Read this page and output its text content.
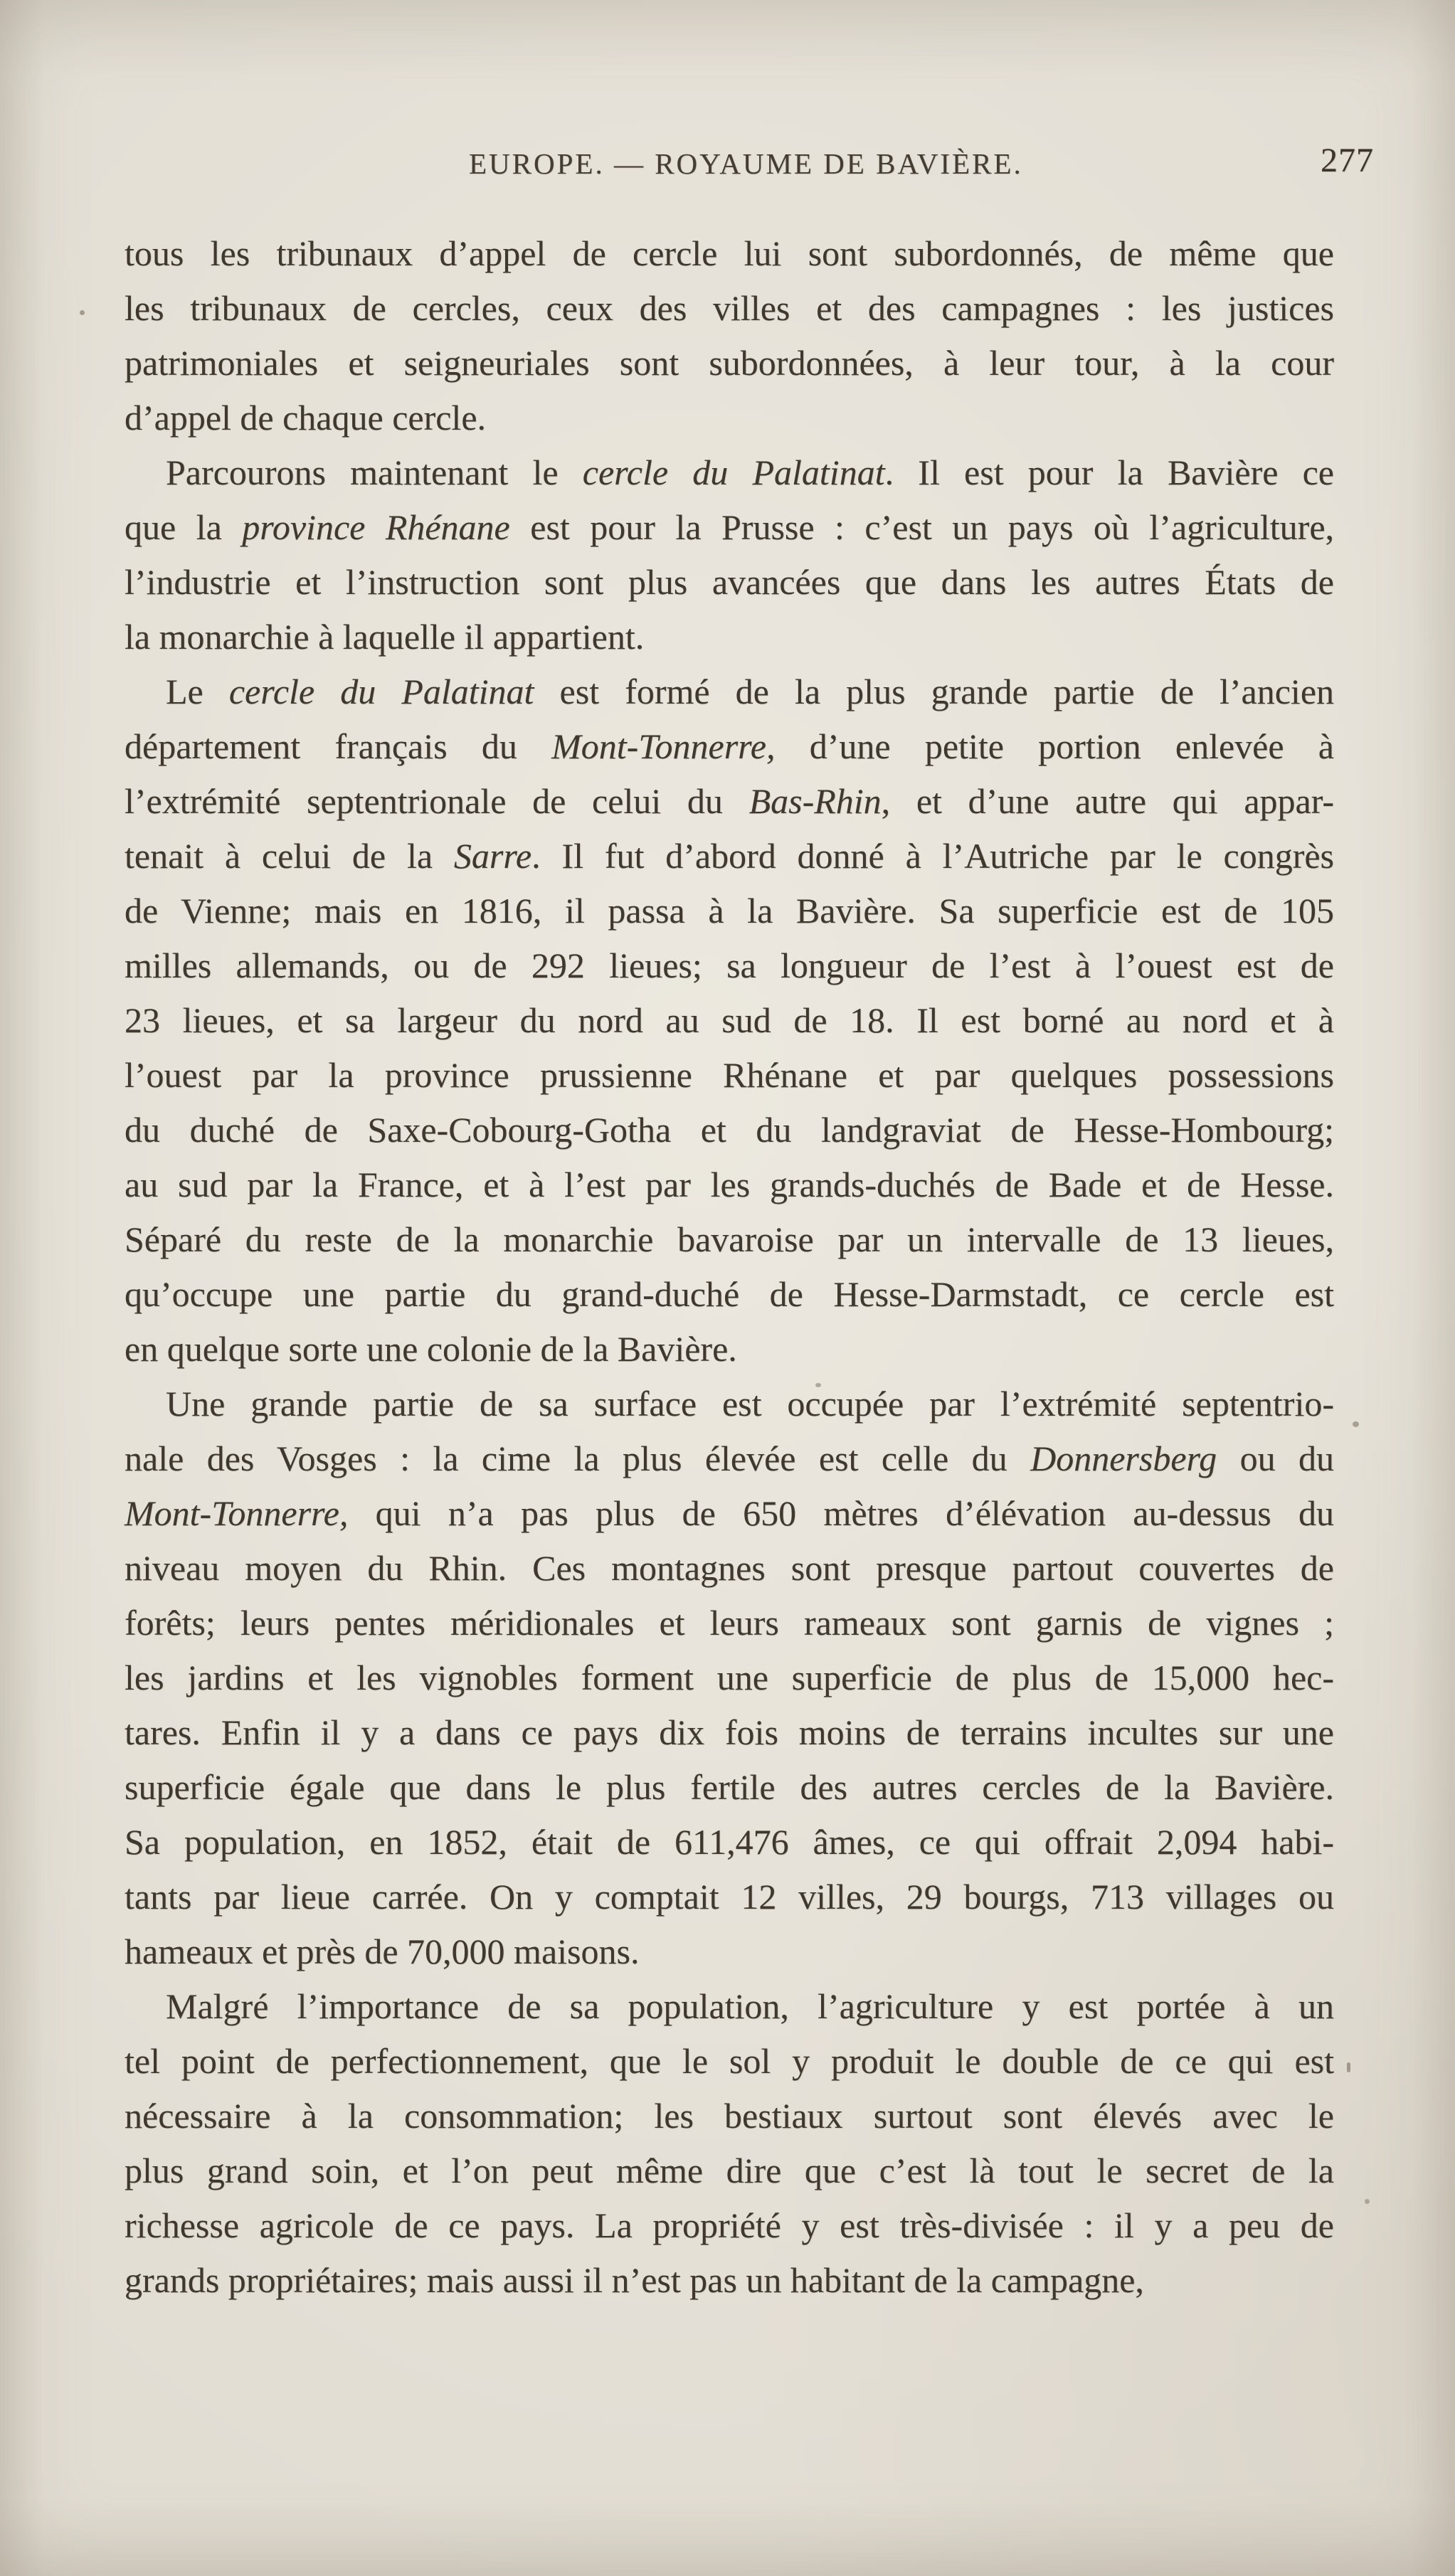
EUROPE. — ROYAUME DE BAVIÈRE.	277
tous les tribunaux d’appel de cercle lui sont subordonnés, de même que
les tribunaux de cercles, ceux des villes et des campagnes : les justices
patrimoniales et seigneuriales sont subordonnées, à leur tour, à la cour
d’appel de chaque cercle.
Parcourons maintenant le cercle du Palatinat. Il est pour la Bavière ce
que la province Rhénane est pour la Prusse : c’est un pays où l’agriculture,
l’industrie et l’instruction sont plus avancées que dans les autres États de
la monarchie à laquelle il appartient.
Le cercle du Palatinat est formé de la plus grande partie de l’ancien
département français du Mont-Tonnerre, d’une petite portion enlevée à
l’extrémité septentrionale de celui du Bas-Rhin, et d’une autre qui appar-
tenait à celui de la Sarre. Il fut d’abord donné à l’Autriche par le congrès
de Vienne; mais en 1816, il passa à la Bavière. Sa superficie est de 105
milles allemands, ou de 292 lieues; sa longueur de l’est à l’ouest est de
23 lieues, et sa largeur du nord au sud de 18. Il est borné au nord et à
l’ouest par la province prussienne Rhénane et par quelques possessions
du duché de Saxe-Cobourg-Gotha et du landgraviat de Hesse-Hombourg;
au sud par la France, et à l’est par les grands-duchés de Bade et de Hesse.
Séparé du reste de la monarchie bavaroise par un intervalle de 13 lieues,
qu’occupe une partie du grand-duché de Hesse-Darmstadt, ce cercle est
en quelque sorte une colonie de la Bavière.
Une grande partie de sa surface est occupée par l’extrémité septentrio-
nale des Vosges : la cime la plus élevée est celle du Donnersberg ou du
Mont-Tonnerre, qui n’a pas plus de 650 mètres d’élévation au-dessus du
niveau moyen du Rhin. Ces montagnes sont presque partout couvertes de
forêts; leurs pentes méridionales et leurs rameaux sont garnis de vignes ;
les jardins et les vignobles forment une superficie de plus de 15,000 hec-
tares. Enfin il y a dans ce pays dix fois moins de terrains incultes sur une
superficie égale que dans le plus fertile des autres cercles de la Bavière.
Sa population, en 1852, était de 611,476 âmes, ce qui offrait 2,094 habi-
tants par lieue carrée. On y comptait 12 villes, 29 bourgs, 713 villages ou
hameaux et près de 70,000 maisons.
Malgré l’importance de sa population, l’agriculture y est portée à un
tel point de perfectionnement, que le sol y produit le double de ce qui est
nécessaire à la consommation; les bestiaux surtout sont élevés avec le
plus grand soin, et l’on peut même dire que c’est là tout le secret de la
richesse agricole de ce pays. La propriété y est très-divisée : il y a peu de
grands propriétaires; mais aussi il n’est pas un habitant de la campagne,
